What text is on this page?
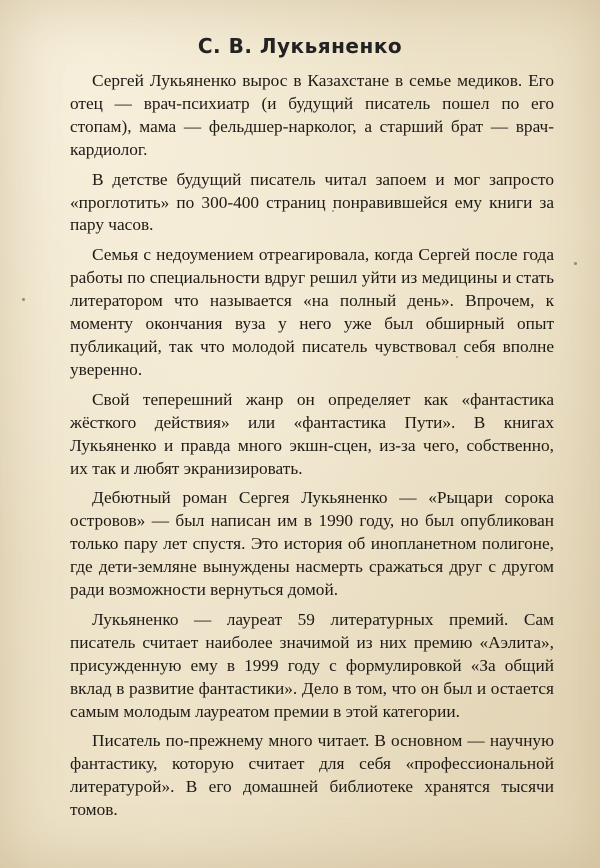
С. В. Лукьяненко

Сергей Лукьяненко вырос в Казахстане в семье медиков. Его отец — врач-психиатр (и будущий писатель пошел по его стопам), мама — фельдшер-нарколог, а старший брат — врач-кардиолог.

В детстве будущий писатель читал запоем и мог запросто «проглотить» по 300-400 страниц понравившейся ему книги за пару часов.

Семья с недоумением отреагировала, когда Сергей после года работы по специальности вдруг решил уйти из медицины и стать литератором что называется «на полный день». Впрочем, к моменту окончания вуза у него уже был обширный опыт публикаций, так что молодой писатель чувствовал себя вполне уверенно.

Свой теперешний жанр он определяет как «фантастика жёсткого действия» или «фантастика Пути». В книгах Лукьяненко и правда много экшн-сцен, из-за чего, собственно, их так и любят экранизировать.

Дебютный роман Сергея Лукьяненко — «Рыцари сорока островов» — был написан им в 1990 году, но был опубликован только пару лет спустя. Это история об инопланетном полигоне, где дети-земляне вынуждены насмерть сражаться друг с другом ради возможности вернуться домой.

Лукьяненко — лауреат 59 литературных премий. Сам писатель считает наиболее значимой из них премию «Аэлита», присужденную ему в 1999 году с формулировкой «За общий вклад в развитие фантастики». Дело в том, что он был и остается самым молодым лауреатом премии в этой категории.

Писатель по-прежнему много читает. В основном — научную фантастику, которую считает для себя «профессиональной литературой». В его домашней библиотеке хранятся тысячи томов.
